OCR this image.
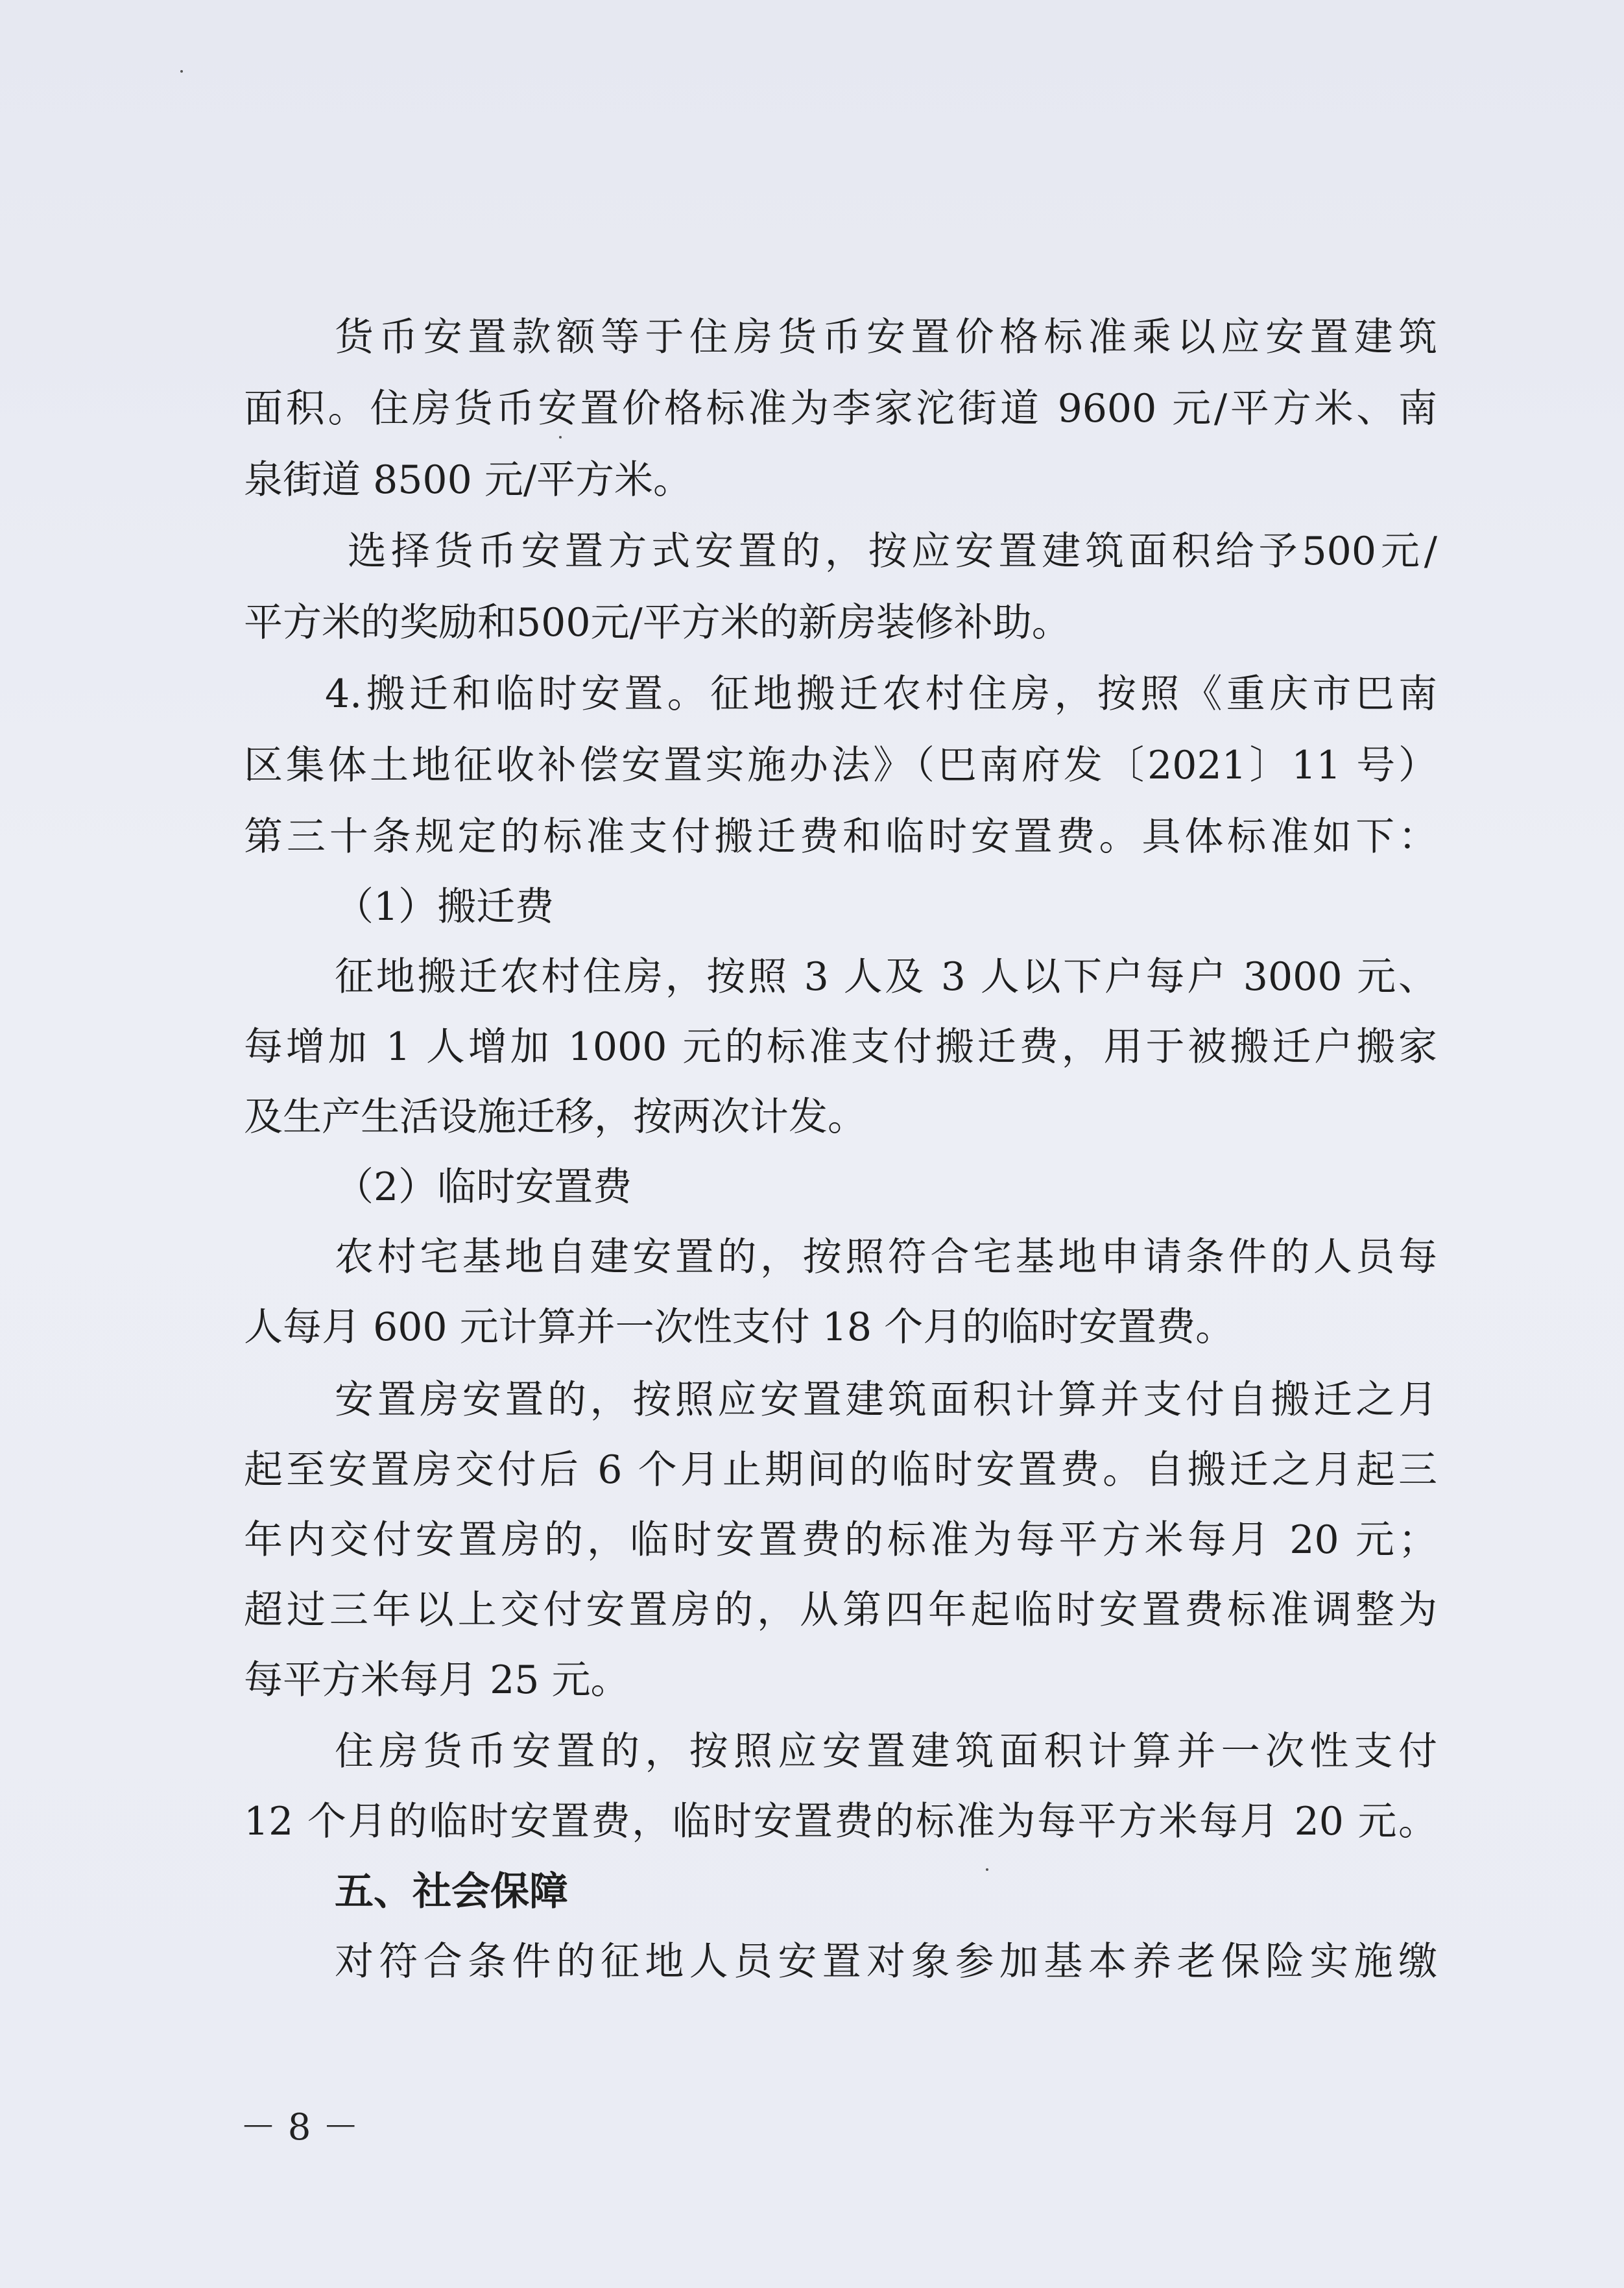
货币安置款额等于住房货币安置价格标准乘以应安置建筑
面积。住房货币安置价格标准为李家沱街道 9600 元/平方米、南
泉街道 8500 元/平方米。
选择货币安置方式安置的，按应安置建筑面积给予500元/
平方米的奖励和500元/平方米的新房装修补助。
4.搬迁和临时安置。征地搬迁农村住房，按照《重庆市巴南
区集体土地征收补偿安置实施办法》（巴南府发〔2021〕11 号）
第三十条规定的标准支付搬迁费和临时安置费。具体标准如下：
（1）搬迁费
征地搬迁农村住房，按照 3 人及 3 人以下户每户 3000 元、
每增加 1 人增加 1000 元的标准支付搬迁费，用于被搬迁户搬家
及生产生活设施迁移，按两次计发。
（2）临时安置费
农村宅基地自建安置的，按照符合宅基地申请条件的人员每
人每月 600 元计算并一次性支付 18 个月的临时安置费。
安置房安置的，按照应安置建筑面积计算并支付自搬迁之月
起至安置房交付后 6 个月止期间的临时安置费。自搬迁之月起三
年内交付安置房的，临时安置费的标准为每平方米每月 20 元；
超过三年以上交付安置房的，从第四年起临时安置费标准调整为
每平方米每月 25 元。
住房货币安置的，按照应安置建筑面积计算并一次性支付
12 个月的临时安置费，临时安置费的标准为每平方米每月 20 元。
五、社会保障
对符合条件的征地人员安置对象参加基本养老保险实施缴
－ 8 －
